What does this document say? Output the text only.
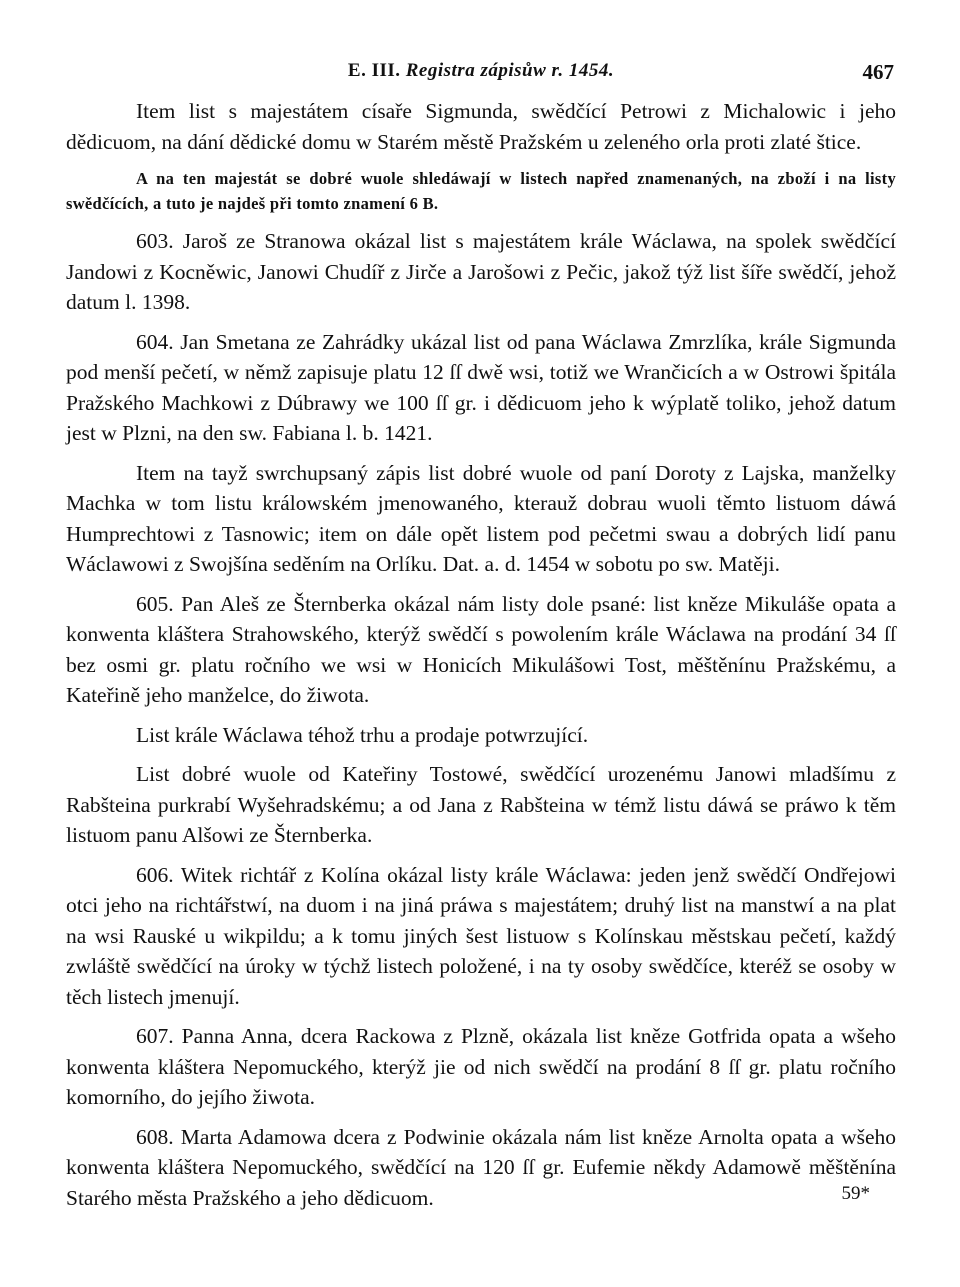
E. III. Registra zápisůw r. 1454.	467

Item list s majestátem císaře Sigmunda, swědčící Petrowi z Michalowic i jeho dědicuom, na dání dědické domu w Starém městě Pražském u zeleného orla proti zlaté štice.

A na ten majestát se dobré wuole shledáwají w listech napřed znamenaných, na zboží i na listy swědčících, a tuto je najdeš při tomto znamení 6 B.

603. Jaroš ze Stranowa okázal list s majestátem krále Wáclawa, na spolek swědčící Jandowi z Kocněwic, Janowi Chudíř z Jirče a Jarošowi z Pečic, jakož týž list šíře swědčí, jehož datum l. 1398.

604. Jan Smetana ze Zahrádky ukázal list od pana Wáclawa Zmrzlíka, krále Sigmunda pod menší pečetí, w němž zapisuje platu 12 ſſ dwě wsi, totiž we Wrančicích a w Ostrowi špitála Pražského Machkowi z Dúbrawy we 100 ſſ gr. i dědicuom jeho k wýplatě toliko, jehož datum jest w Plzni, na den sw. Fabiana l. b. 1421.

Item na tayž swrchupsaný zápis list dobré wuole od paní Doroty z Lajska, manželky Machka w tom listu králowském jmenowaného, kterauž dobrau wuoli těmto listuom dáwá Humprechtowi z Tasnowic; item on dále opět listem pod pečetmi swau a dobrých lidí panu Wáclawowi z Swojšína seděním na Orlíku. Dat. a. d. 1454 w sobotu po sw. Matěji.

605. Pan Aleš ze Šternberka okázal nám listy dole psané: list kněze Mikuláše opata a konwenta kláštera Strahowského, kterýž swědčí s powolením krále Wáclawa na prodání 34 ſſ bez osmi gr. platu ročního we wsi w Honicích Mikulášowi Tost, měštěnínu Pražskému, a Kateřině jeho manželce, do žiwota.

List krále Wáclawa téhož trhu a prodaje potwrzující.

List dobré wuole od Kateřiny Tostowé, swědčící urozenému Janowi mladšímu z Rabšteina purkrabí Wyšehradskému; a od Jana z Rabšteina w témž listu dáwá se práwo k těm listuom panu Alšowi ze Šternberka.

606. Witek richtář z Kolína okázal listy krále Wáclawa: jeden jenž swědčí Ondřejowi otci jeho na richtářstwí, na duom i na jiná práwa s majestátem; druhý list na manstwí a na plat na wsi Rauské u wikpildu; a k tomu jiných šest listuow s Kolínskau městskau pečetí, každý zwláště swědčící na úroky w týchž listech položené, i na ty osoby swědčíce, kteréž se osoby w těch listech jmenují.

607. Panna Anna, dcera Rackowa z Plzně, okázala list kněze Gotfrida opata a wšeho konwenta kláštera Nepomuckého, kterýž jie od nich swědčí na prodání 8 ſſ gr. platu ročního komorního, do jejího žiwota.

608. Marta Adamowa dcera z Podwinie okázala nám list kněze Arnolta opata a wšeho konwenta kláštera Nepomuckého, swědčící na 120 ſſ gr. Eufemie někdy Adamowě měštěnína Starého města Pražského a jeho dědicuom.	59*
